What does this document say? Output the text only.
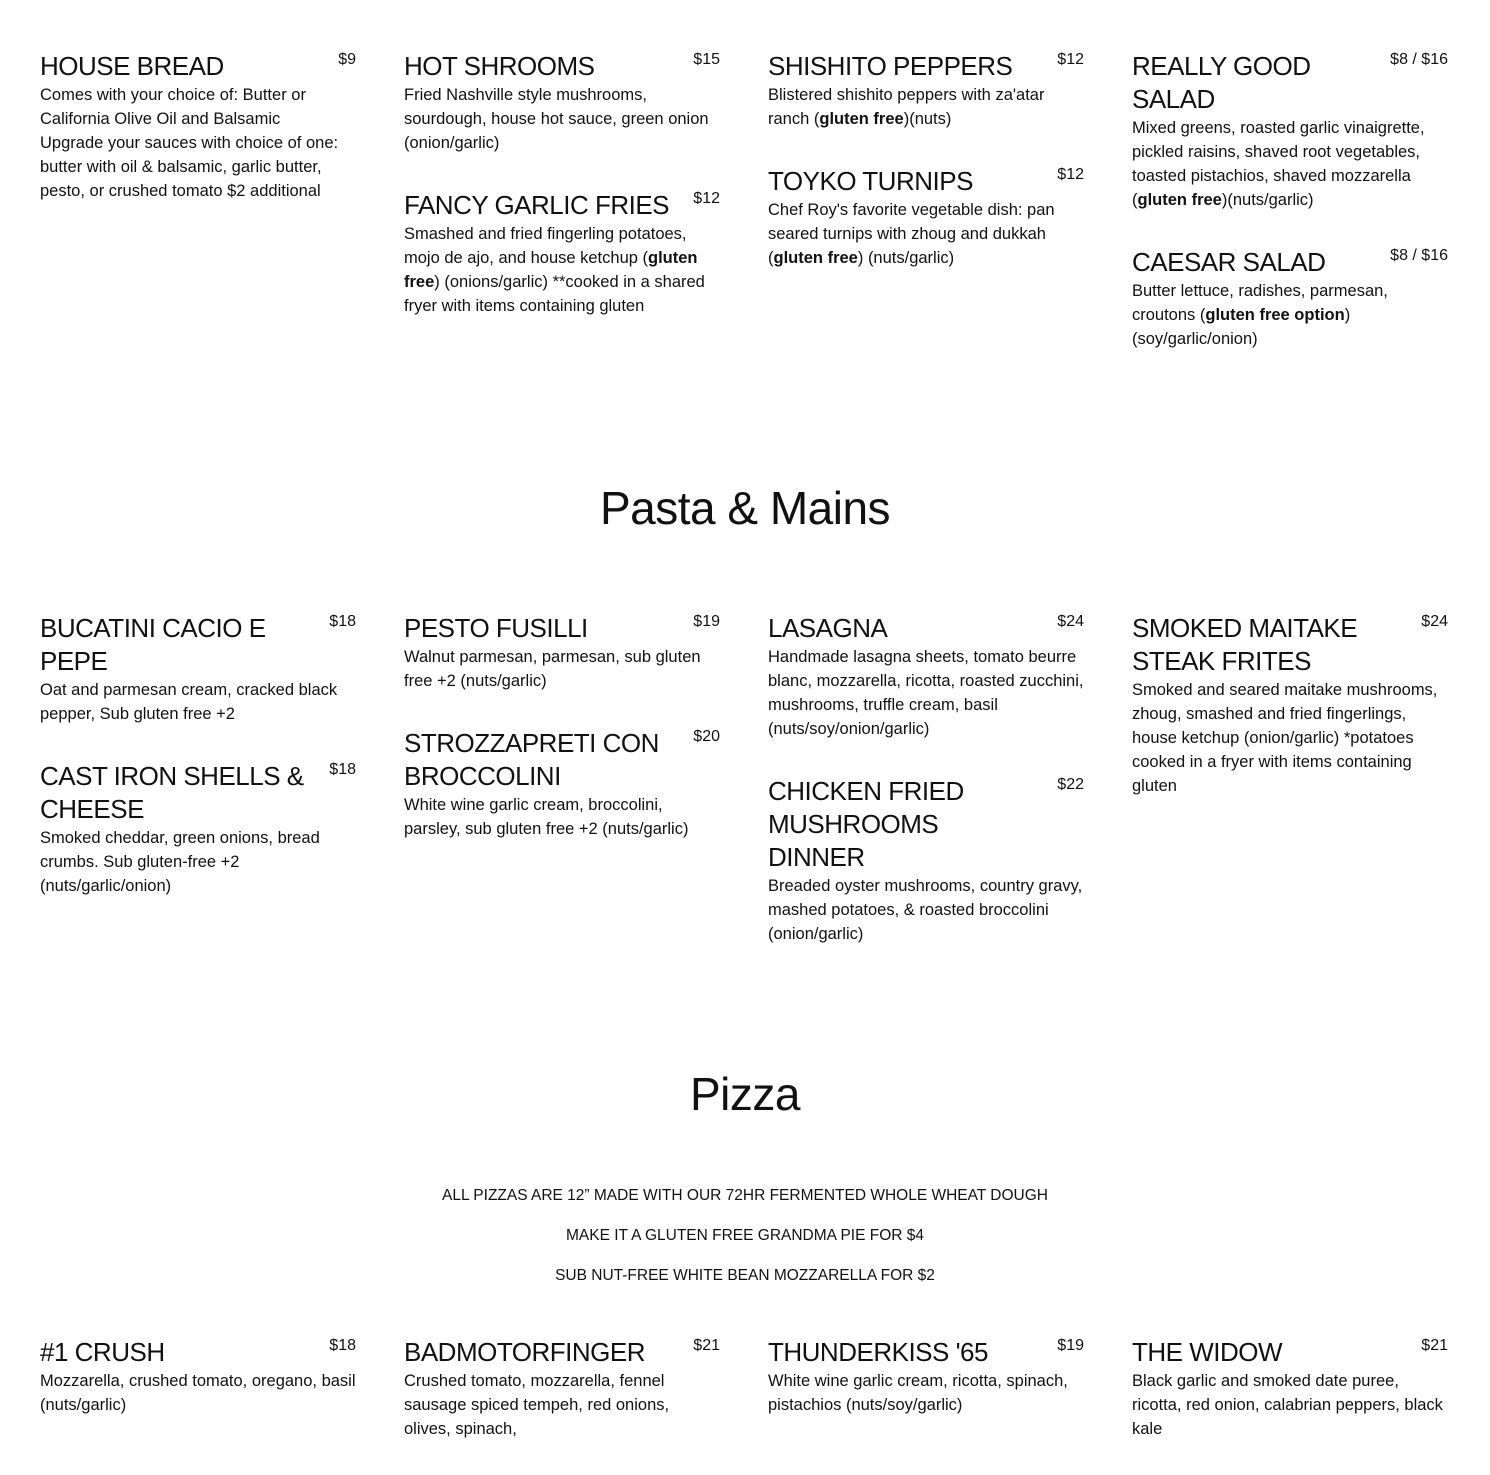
HOUSE BREAD	$9
Comes with your choice of: Butter or California Olive Oil and Balsamic
Upgrade your sauces with choice of one: butter with oil & balsamic, garlic butter, pesto, or crushed tomato $2 additional
HOT SHROOMS	$15
Fried Nashville style mushrooms, sourdough, house hot sauce, green onion (onion/garlic)
FANCY GARLIC FRIES $12
Smashed and fried fingerling potatoes, mojo de ajo, and house ketchup (gluten free) (onions/garlic) **cooked in a shared fryer with items containing gluten
SHISHITO PEPPERS	$12
Blistered shishito peppers with za'atar ranch (gluten free)(nuts)
TOYKO TURNIPS	$12
Chef Roy's favorite vegetable dish: pan seared turnips with zhoug and dukkah (gluten free) (nuts/garlic)
REALLY GOOD SALAD
$8 / $16
Mixed greens, roasted garlic vinaigrette, pickled raisins, shaved root vegetables, toasted pistachios, shaved mozzarella (gluten free)(nuts/garlic)
CAESAR SALAD	$8 / $16
Butter lettuce, radishes, parmesan, croutons (gluten free option)(soy/garlic/onion)
Pasta & Mains
BUCATINI CACIO E PEPE
$18
Oat and parmesan cream, cracked black pepper, Sub gluten free +2
CAST IRON SHELLS & CHEESE
$18
Smoked cheddar, green onions, bread crumbs. Sub gluten-free +2 (nuts/garlic/onion)
PESTO FUSILLI	$19
Walnut parmesan, parmesan, sub gluten free +2 (nuts/garlic)
STROZZAPRETI CON BROCCOLINI
$20
White wine garlic cream, broccolini, parsley, sub gluten free +2 (nuts/garlic)
LASAGNA	$24
Handmade lasagna sheets, tomato beurre blanc, mozzarella, ricotta, roasted zucchini, mushrooms, truffle cream, basil (nuts/soy/onion/garlic)
CHICKEN FRIED MUSHROOMS DINNER
$22
Breaded oyster mushrooms, country gravy, mashed potatoes, & roasted broccolini (onion/garlic)
SMOKED MAITAKE STEAK FRITES
$24
Smoked and seared maitake mushrooms, zhoug, smashed and fried fingerlings, house ketchup (onion/garlic) *potatoes cooked in a fryer with items containing gluten
Pizza
ALL PIZZAS ARE 12” MADE WITH OUR 72HR FERMENTED WHOLE WHEAT DOUGH
MAKE IT A GLUTEN FREE GRANDMA PIE FOR $4
SUB NUT-FREE WHITE BEAN MOZZARELLA FOR $2
#1 CRUSH	$18
Mozzarella, crushed tomato, oregano, basil (nuts/garlic)
BADMOTORFINGER	$21
Crushed tomato, mozzarella, fennel sausage spiced tempeh, red onions, olives, spinach,
THUNDERKISS '65	$19
White wine garlic cream, ricotta, spinach, pistachios (nuts/soy/garlic)
THE WIDOW	$21
Black garlic and smoked date puree, ricotta, red onion, calabrian peppers, black kale
